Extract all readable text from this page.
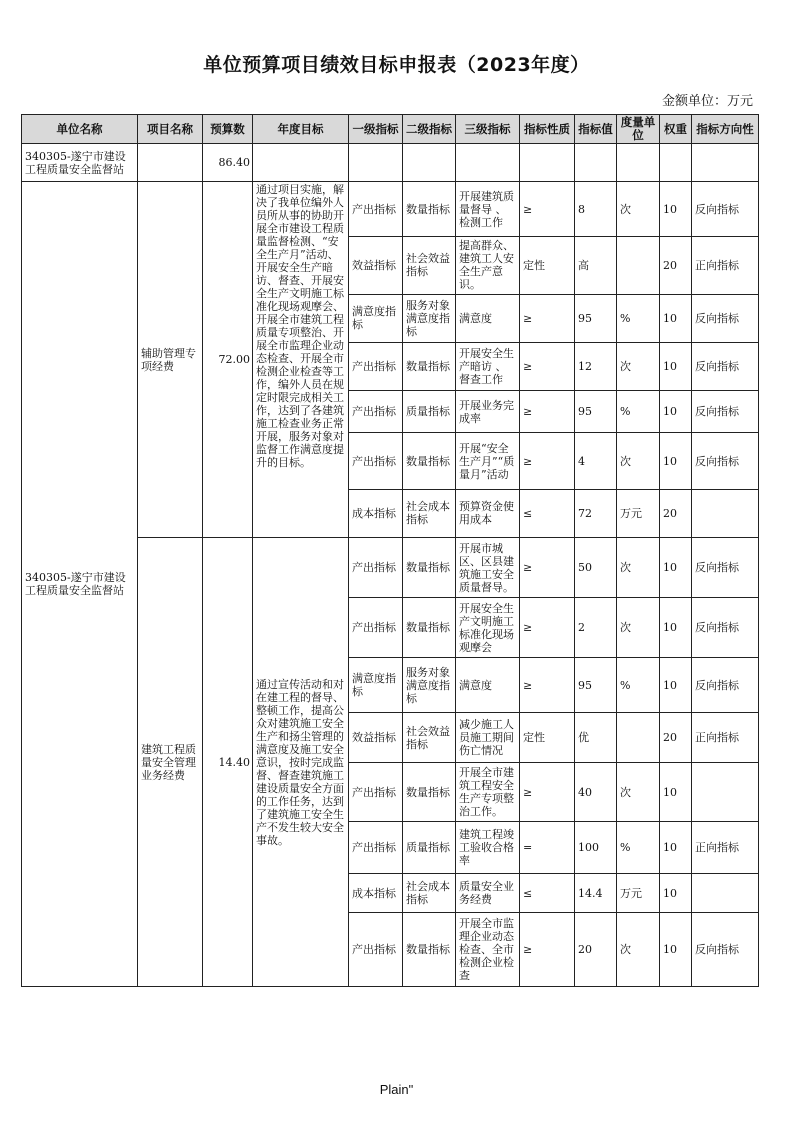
单位预算项目绩效目标申报表（2023年度）
金额单位：万元
单位名称	项目名称	预算数	年度目标	一级指标	二级指标	三级指标	指标性质	指标值	度量单位	权重	指标方向性
340305-遂宁市建设工程质量安全监督站		86.40									
340305-遂宁市建设工程质量安全监督站	辅助管理专项经费	72.00	通过项目实施，解决了我单位编外人员所从事的协助开展全市建设工程质量监督检测、“安全生产月”活动、开展安全生产暗访、督查、开展安全生产文明施工标准化现场观摩会、开展全市建筑工程质量专项整治、开展全市监理企业动态检查、开展全市检测企业检查等工作，编外人员在规定时限完成相关工作，达到了各建筑施工检查业务正常开展，服务对象对监督工作满意度提升的目标。	产出指标	数量指标	开展建筑质量督导 、检测工作	≥	8	次	10	反向指标
				效益指标	社会效益指标	提高群众、建筑工人安全生产意识。	定性	高		20	正向指标
				满意度指标	服务对象满意度指标	满意度	≥	95	%	10	反向指标
				产出指标	数量指标	开展安全生产暗访 、督查工作	≥	12	次	10	反向指标
				产出指标	质量指标	开展业务完成率	≥	95	%	10	反向指标
				产出指标	数量指标	开展“安全生产月”“质量月”活动	≥	4	次	10	反向指标
				成本指标	社会成本指标	预算资金使用成本	≤	72	万元	20	
	建筑工程质量安全管理业务经费	14.40	通过宣传活动和对在建工程的督导、整顿工作，提高公众对建筑施工安全生产和扬尘管理的满意度及施工安全意识，按时完成监督、督查建筑施工建设质量安全方面的工作任务，达到了建筑施工安全生产不发生较大安全事故。	产出指标	数量指标	开展市城区、区县建筑施工安全质量督导。	≥	50	次	10	反向指标
				产出指标	数量指标	开展安全生产文明施工标准化现场观摩会	≥	2	次	10	反向指标
				满意度指标	服务对象满意度指标	满意度	≥	95	%	10	反向指标
				效益指标	社会效益指标	减少施工人员施工期间伤亡情况	定性	优		20	正向指标
				产出指标	数量指标	开展全市建筑工程安全生产专项整治工作。	≥	40	次	10	
				产出指标	质量指标	建筑工程竣工验收合格率	=	100	%	10	正向指标
				成本指标	社会成本指标	质量安全业务经费	≤	14.4	万元	10	
				产出指标	数量指标	开展全市监理企业动态检查、全市检测企业检查	≥	20	次	10	反向指标
Plain"
